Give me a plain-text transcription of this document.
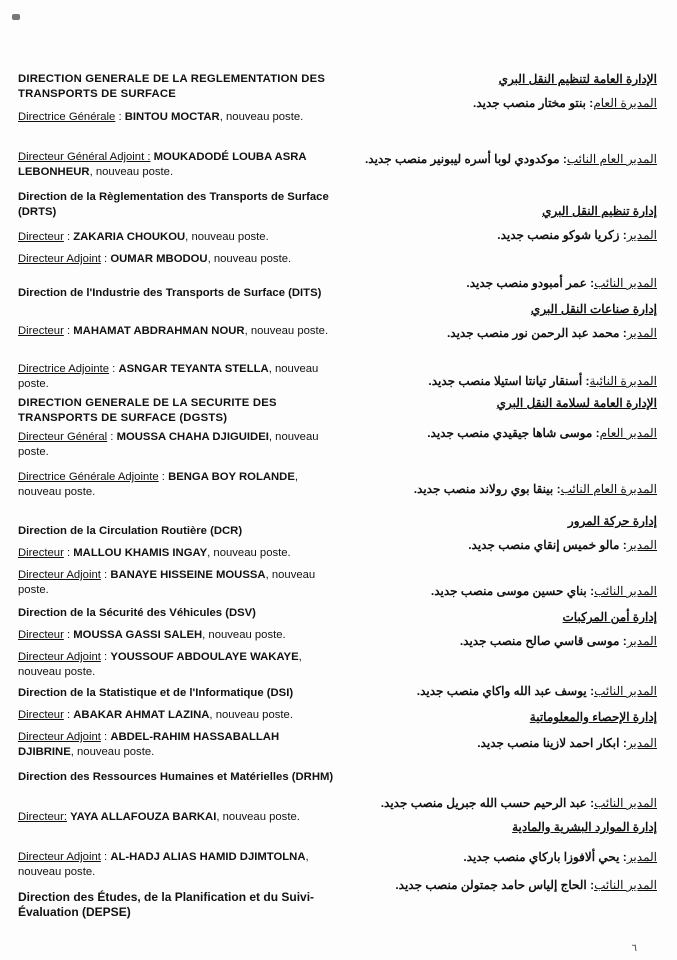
DIRECTION GENERALE DE LA REGLEMENTATION DES TRANSPORTS DE SURFACE
Directrice Générale : BINTOU MOCTAR, nouveau poste.
Directeur Général Adjoint : MOUKADODÉ LOUBA ASRA LEBONHEUR, nouveau poste.
Direction de la Règlementation des Transports de Surface (DRTS)
Directeur : ZAKARIA CHOUKOU, nouveau poste.
Directeur Adjoint : OUMAR MBODOU, nouveau poste.
Direction de l'Industrie des Transports de Surface (DITS)
Directeur : MAHAMAT ABDRAHMAN NOUR, nouveau poste.
Directrice Adjointe : ASNGAR TEYANTA STELLA, nouveau poste.
DIRECTION GENERALE DE LA SECURITE DES TRANSPORTS DE SURFACE (DGSTS)
Directeur Général : MOUSSA CHAHA DJIGUIDEI, nouveau poste.
Directrice Générale Adjointe : BENGA BOY ROLANDE, nouveau poste.
Direction de la Circulation Routière (DCR)
Directeur : MALLOU KHAMIS INGAY, nouveau poste.
Directeur Adjoint : BANAYE HISSEINE MOUSSA, nouveau poste.
Direction de la Sécurité des Véhicules (DSV)
Directeur : MOUSSA GASSI SALEH, nouveau poste.
Directeur Adjoint : YOUSSOUF ABDOULAYE WAKAYE, nouveau poste.
Direction de la Statistique et de l'Informatique (DSI)
Directeur : ABAKAR AHMAT LAZINA, nouveau poste.
Directeur Adjoint : ABDEL-RAHIM HASSABALLAH DJIBRINE, nouveau poste.
Direction des Ressources Humaines et Matérielles (DRHM)
Directeur: YAYA ALLAFOUZA BARKAI, nouveau poste.
Directeur Adjoint : AL-HADJ ALIAS HAMID DJIMTOLNA, nouveau poste.
Direction des Études, de la Planification et du Suivi-Évaluation (DEPSE)
الإدارة العامة لتنظيم النقل البري
المديرة العام: بنتو مختار منصب جديد.
المدير العام النائب: موكدودي لوبا أسره ليبونير منصب جديد.
إدارة تنظيم النقل البري
المدير: زكريا شوكو منصب جديد.
المدير النائب: عمر أمبودو منصب جديد.
إدارة صناعات النقل البري
المدير: محمد عبد الرحمن نور منصب جديد.
المديرة النائبة: أسنقار تيانتا استيلا منصب جديد.
الإدارة العامة لسلامة النقل البري
المدير العام: موسى شاها جيقيدي منصب جديد.
المديرة العام النائب: بينقا بوي رولاند منصب جديد.
إدارة حركة المرور
المدير: مالو خميس إنقاي منصب جديد.
المدير النائب: بناي حسين موسى منصب جديد.
إدارة أمن المركبات
المدير: موسى قاسي صالح منصب جديد.
المدير النائب: يوسف عبد الله واكاي منصب جديد.
إدارة الإحصاء والمعلوماتية
المدير: ابكار احمد لازينا منصب جديد.
المدير النائب: عبد الرحيم حسب الله جبريل منصب جديد.
إدارة الموارد البشرية والمادية
المدير: يحي ألافوزا باركاي منصب جديد.
المدير النائب: الحاج إلياس حامد جمتولن منصب جديد.
٦
